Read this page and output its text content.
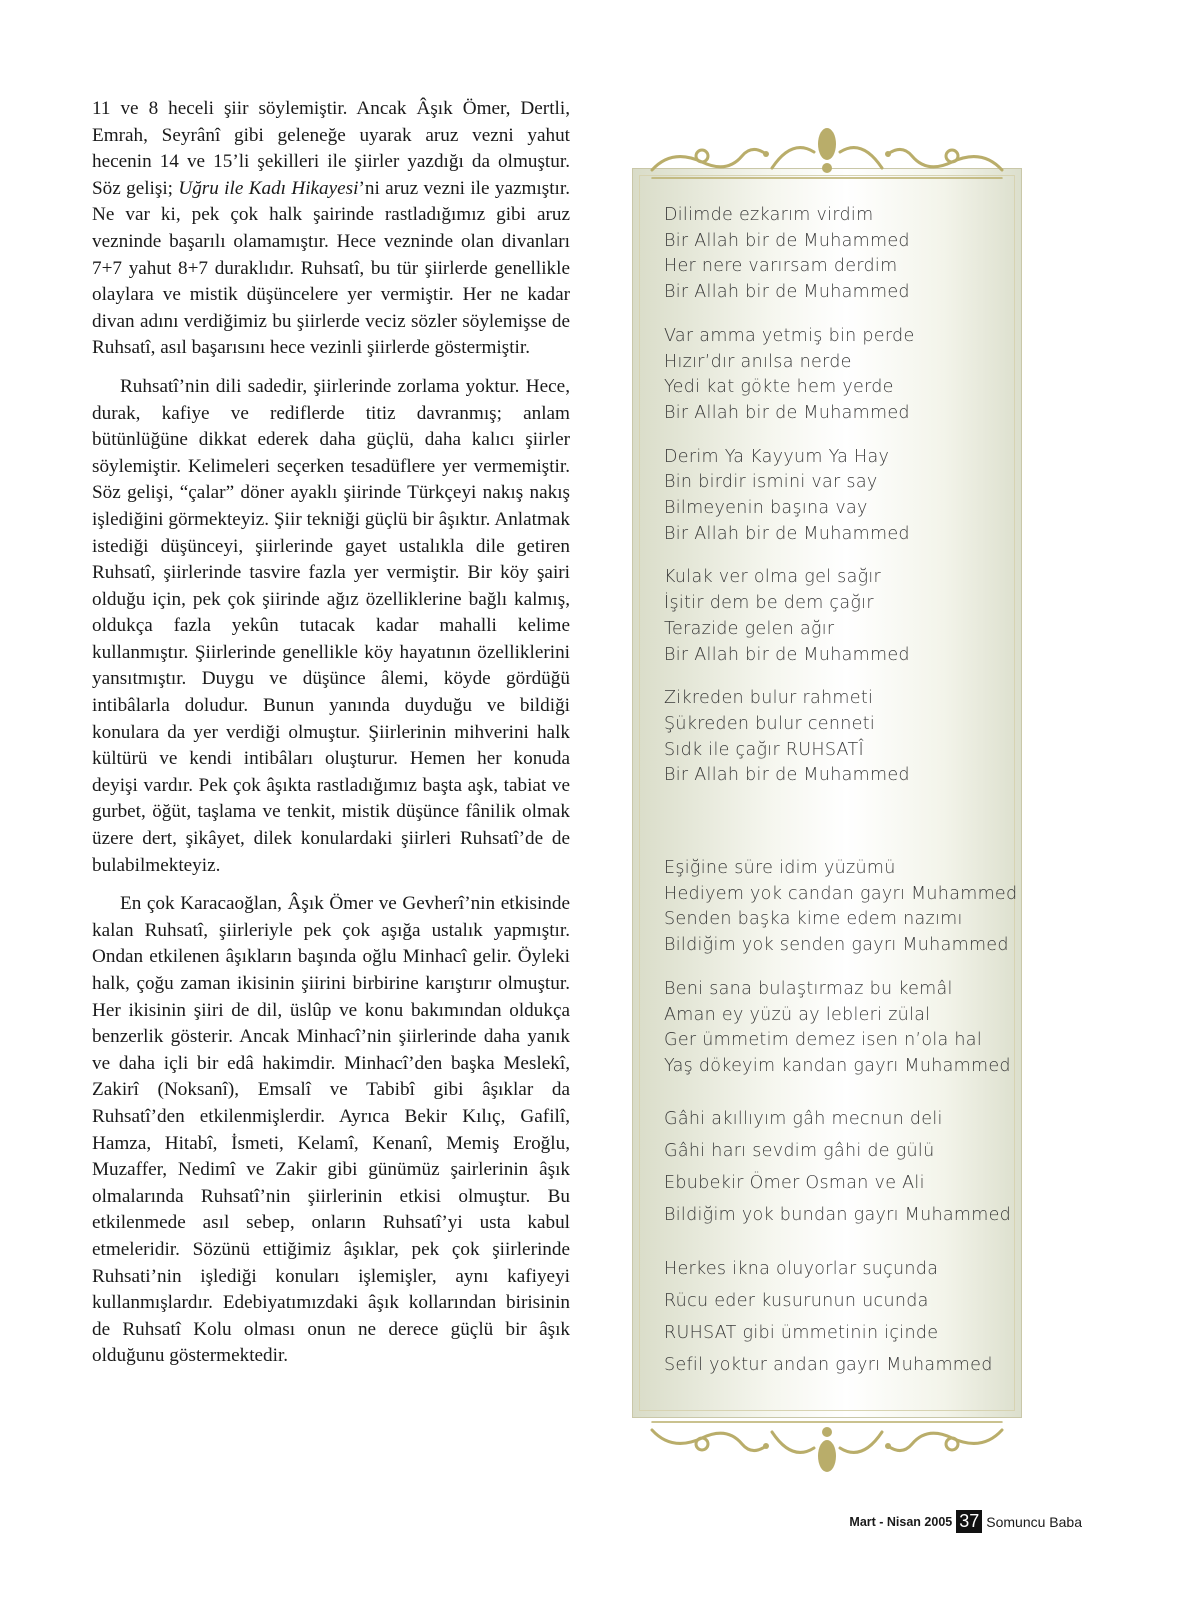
11 ve 8 heceli şiir söylemiştir. Ancak Âşık Ömer, Dertli, Emrah, Seyrânî gibi geleneğe uyarak aruz vezni yahut hecenin 14 ve 15’li şekilleri ile şiirler yazdığı da olmuştur. Söz gelişi; Uğru ile Kadı Hikayesi’ni aruz vezni ile yazmıştır. Ne var ki, pek çok halk şairinde rastladığımız gibi aruz vezninde başarılı olamamıştır. Hece vezninde olan divanları 7+7 yahut 8+7 duraklıdır. Ruhsatî, bu tür şiirlerde genellikle olaylara ve mistik düşüncelere yer vermiştir. Her ne kadar divan adını verdiğimiz bu şiirlerde veciz sözler söylemişse de Ruhsatî, asıl başarısını hece vezinli şiirlerde göstermiştir.

Ruhsatî’nin dili sadedir, şiirlerinde zorlama yoktur. Hece, durak, kafiye ve rediflerde titiz davranmış; anlam bütünlüğüne dikkat ederek daha güçlü, daha kalıcı şiirler söylemiştir. Kelimeleri seçerken tesadüflere yer vermemiştir. Söz gelişi, “çalar” döner ayaklı şiirinde Türkçeyi nakış nakış işlediğini görmekteyiz. Şiir tekniği güçlü bir âşıktır. Anlatmak istediği düşünceyi, şiirlerinde gayet ustalıkla dile getiren Ruhsatî, şiirlerinde tasvire fazla yer vermiştir. Bir köy şairi olduğu için, pek çok şiirinde ağız özelliklerine bağlı kalmış, oldukça fazla yekûn tutacak kadar mahalli kelime kullanmıştır. Şiirlerinde genellikle köy hayatının özelliklerini yansıtmıştır. Duygu ve düşünce âlemi, köyde gördüğü intibâlarla doludur. Bunun yanında duyduğu ve bildiği konulara da yer verdiği olmuştur. Şiirlerinin mihverini halk kültürü ve kendi intibâları oluşturur. Hemen her konuda deyişi vardır. Pek çok âşıkta rastladığımız başta aşk, tabiat ve gurbet, öğüt, taşlama ve tenkit, mistik düşünce fânilik olmak üzere dert, şikâyet, dilek konulardaki şiirleri Ruhsatî’de de bulabilmekteyiz.

En çok Karacaoğlan, Âşık Ömer ve Gevherî’nin etkisinde kalan Ruhsatî, şiirleriyle pek çok aşığa ustalık yapmıştır. Ondan etkilenen âşıkların başında oğlu Minhacî gelir. Öyleki halk, çoğu zaman ikisinin şiirini birbirine karıştırır olmuştur. Her ikisinin şiiri de dil, üslûp ve konu bakımından oldukça benzerlik gösterir. Ancak Minhacî’nin şiirlerinde daha yanık ve daha içli bir edâ hakimdir. Minhacî’den başka Meslekî, Zakirî (Noksanî), Emsalî ve Tabibî gibi âşıklar da Ruhsatî’den etkilenmişlerdir. Ayrıca Bekir Kılıç, Gafilî, Hamza, Hitabî, İsmeti, Kelamî, Kenanî, Memiş Eroğlu, Muzaffer, Nedimî ve Zakir gibi günümüz şairlerinin âşık olmalarında Ruhsatî’nin şiirlerinin etkisi olmuştur. Bu etkilenmede asıl sebep, onların Ruhsatî’yi usta kabul etmeleridir. Sözünü ettiğimiz âşıklar, pek çok şiirlerinde Ruhsati’nin işlediği konuları işlemişler, aynı kafiyeyi kullanmışlardır. Edebiyatımızdaki âşık kollarından birisinin de Ruhsatî Kolu olması onun ne derece güçlü bir âşık olduğunu göstermektedir.

Dilimde ezkarım virdim
Bir Allah bir de Muhammed
Her nere varırsam derdim
Bir Allah bir de Muhammed
Var amma yetmiş bin perde
Hızır’dır anılsa nerde
Yedi kat gökte hem yerde
Bir Allah bir de Muhammed
Derim Ya Kayyum Ya Hay
Bin birdir ismini var say
Bilmeyenin başına vay
Bir Allah bir de Muhammed
Kulak ver olma gel sağır
İşitir dem be dem çağır
Terazide gelen ağır
Bir Allah bir de Muhammed
Zikreden bulur rahmeti
Şükreden bulur cenneti
Sıdk ile çağır RUHSATÎ
Bir Allah bir de Muhammed
Eşiğine süre idim yüzümü
Hediyem yok candan gayrı Muhammed
Senden başka kime edem nazımı
Bildiğim yok senden gayrı Muhammed
Beni sana bulaştırmaz bu kemâl
Aman ey yüzü ay lebleri zülal
Ger ümmetim demez isen n’ola hal
Yaş dökeyim kandan gayrı Muhammed
Gâhi akıllıyım gâh mecnun deli
Gâhi harı sevdim gâhi de gülü
Ebubekir Ömer Osman ve Ali
Bildiğim yok bundan gayrı Muhammed
Herkes ikna oluyorlar suçunda
Rücu eder kusurunun ucunda
RUHSAT gibi ümmetinin içinde
Sefil yoktur andan gayrı Muhammed
Mart - Nisan 2005 37 Somuncu Baba
